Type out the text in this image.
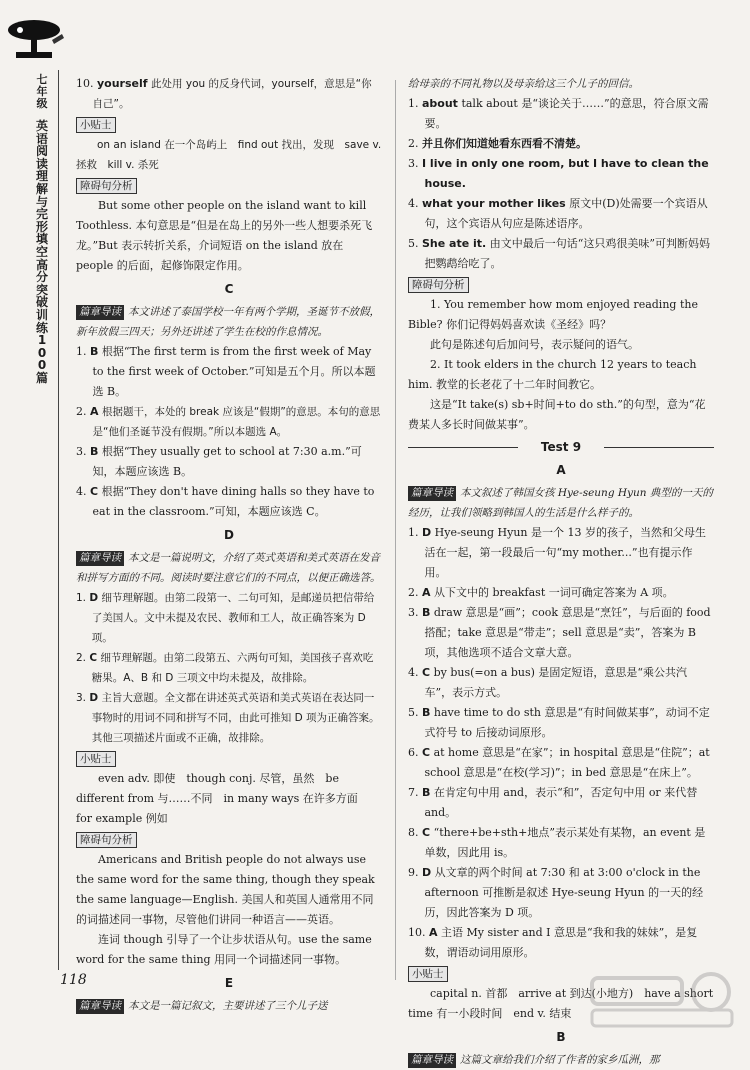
七年级
英语阅读理解与完形填空高分突破训练100篇
118

10. yourself 此处用 you 的反身代词，yourself，意思是“你自己”。

小贴士

on an island 在一个岛屿上　find out 找出，发现　save v. 拯救　kill v. 杀死

障碍句分析

But some other people on the island want to kill Toothless. 本句意思是“但是在岛上的另外一些人想要杀死飞龙。”But 表示转折关系，介词短语 on the island 放在 people 的后面，起修饰限定作用。

C

篇章导读 本文讲述了泰国学校一年有两个学期，圣诞节不放假，新年放假三四天；另外还讲述了学生在校的作息情况。

1. B 根据“The first term is from the first week of May to the first week of October.”可知是五个月。所以本题选 B。

2. A 根据题干，本处的 break 应该是“假期”的意思。本句的意思是“他们圣诞节没有假期。”所以本题选 A。

3. B 根据“They usually get to school at 7:30 a.m.”可知，本题应该选 B。

4. C 根据“They don't have dining halls so they have to eat in the classroom.”可知，本题应该选 C。

D

篇章导读 本文是一篇说明文，介绍了英式英语和美式英语在发音和拼写方面的不同。阅读时要注意它们的不同点，以便正确选答。

1. D 细节理解题。由第二段第一、二句可知，是邮递员把信带给了美国人。文中未提及农民、教师和工人，故正确答案为 D 项。

2. C 细节理解题。由第二段第五、六两句可知，美国孩子喜欢吃糖果。A、B 和 D 三项文中均未提及，故排除。

3. D 主旨大意题。全文都在讲述英式英语和美式英语在表达同一事物时的用词不同和拼写不同，由此可推知 D 项为正确答案。其他三项描述片面或不正确，故排除。

小贴士

even adv. 即使　though conj. 尽管，虽然　be different from 与……不同　in many ways 在许多方面　for example 例如

障碍句分析

Americans and British people do not always use the same word for the same thing, though they speak the same language—English. 美国人和英国人通常用不同的词描述同一事物，尽管他们讲同一种语言——英语。

连词 though 引导了一个让步状语从句。use the same word for the same thing 用同一个词描述同一事物。

E

篇章导读 本文是一篇记叙文，主要讲述了三个儿子送

给母亲的不同礼物以及母亲给这三个儿子的回信。

1. about talk about 是“谈论关于……”的意思，符合原文需要。

2. 并且你们知道她看东西看不清楚。

3. I live in only one room, but I have to clean the house.

4. what your mother likes 原文中(D)处需要一个宾语从句，这个宾语从句应是陈述语序。

5. She ate it. 由文中最后一句话“这只鸡很美味”可判断妈妈把鹦鹉给吃了。

障碍句分析

1. You remember how mom enjoyed reading the Bible? 你们记得妈妈喜欢读《圣经》吗？

此句是陈述句后加问号，表示疑问的语气。

2. It took elders in the church 12 years to teach him. 教堂的长老花了十二年时间教它。

这是“It take(s) sb+时间+to do sth.”的句型，意为“花费某人多长时间做某事”。

Test 9
A

篇章导读 本文叙述了韩国女孩 Hye-seung Hyun 典型的一天的经历，让我们领略到韩国人的生活是什么样子的。

1. D Hye-seung Hyun 是一个 13 岁的孩子，当然和父母生活在一起，第一段最后一句“my mother...”也有提示作用。

2. A 从下文中的 breakfast 一词可确定答案为 A 项。

3. B draw 意思是“画”；cook 意思是“烹饪”，与后面的 food 搭配；take 意思是“带走”；sell 意思是“卖”，答案为 B 项，其他选项不适合文章大意。

4. C by bus(=on a bus) 是固定短语，意思是“乘公共汽车”，表示方式。

5. B have time to do sth 意思是“有时间做某事”，动词不定式符号 to 后接动词原形。

6. C at home 意思是“在家”；in hospital 意思是“住院”；at school 意思是“在校(学习)”；in bed 意思是“在床上”。

7. B 在肯定句中用 and，表示“和”，否定句中用 or 来代替 and。

8. C “there+be+sth+地点”表示某处有某物，an event 是单数，因此用 is。

9. D 从文章的两个时间 at 7:30 和 at 3:00 o'clock in the afternoon 可推断是叙述 Hye-seung Hyun 的一天的经历，因此答案为 D 项。

10. A 主语 My sister and I 意思是“我和我的妹妹”，是复数，谓语动词用原形。

小贴士

capital n. 首都　arrive at 到达(小地方)　have a short time 有一小段时间　end v. 结束

B

篇章导读 这篇文章给我们介绍了作者的家乡瓜洲，那
